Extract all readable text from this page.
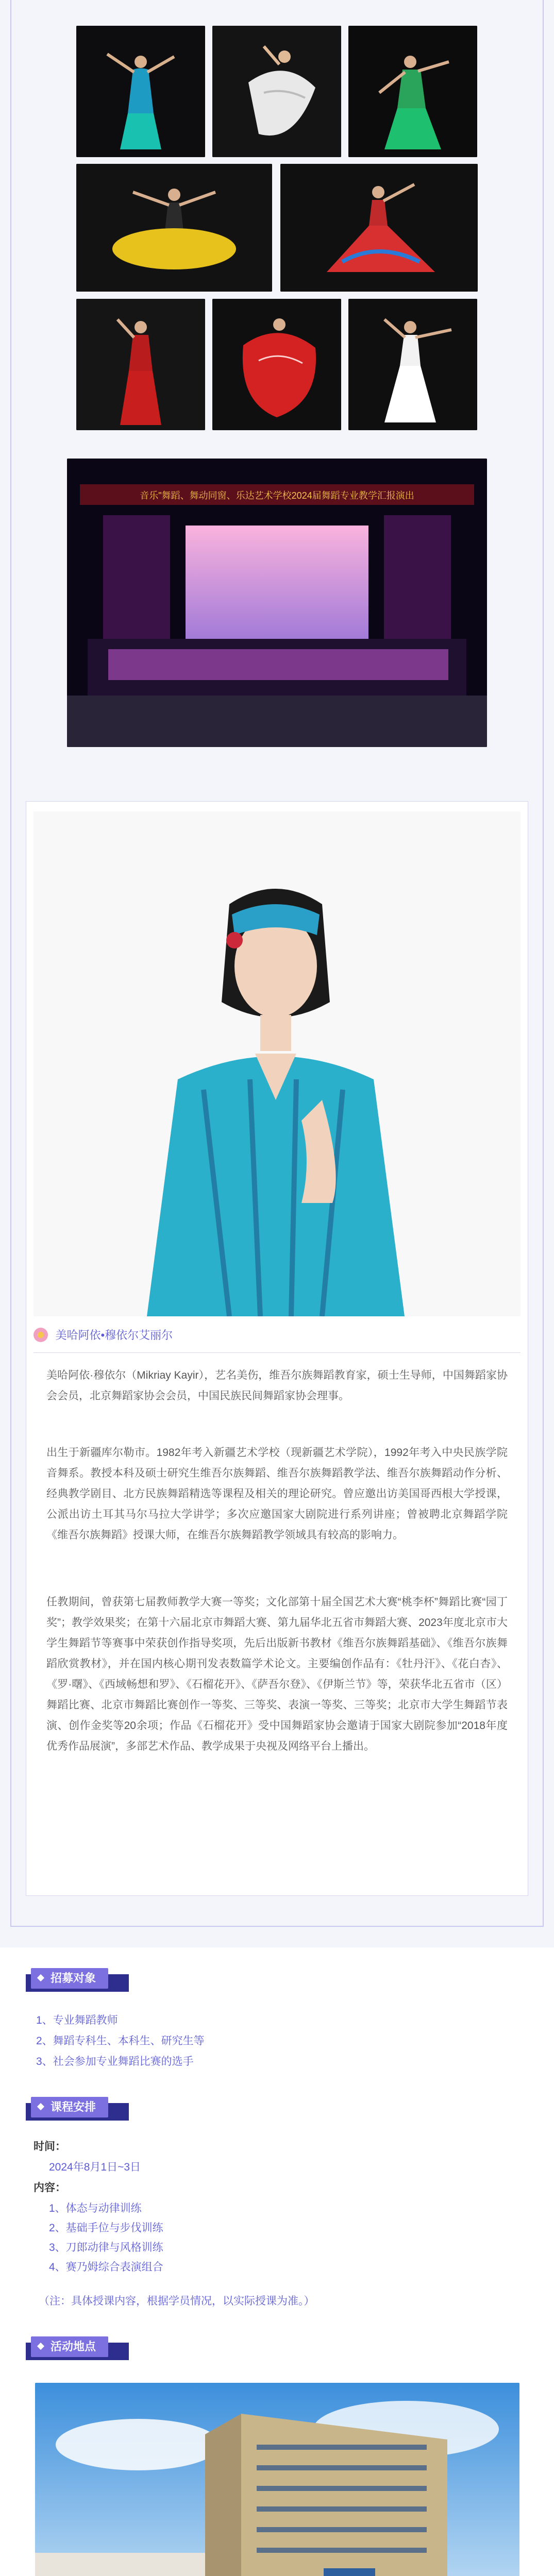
音乐"舞蹈、舞动同窗、乐达艺术学校2024届舞蹈专业教学汇报演出
美哈阿依•穆依尔艾丽尔
美哈阿依·穆依尔（Mikriay Kayir），艺名美伤，维吾尔族舞蹈教育家，硕士生导师，中国舞蹈家协会会员，北京舞蹈家协会会员，中国民族民间舞蹈家协会理事。
出生于新疆库尔勒市。1982年考入新疆艺术学校（现新疆艺术学院），1992年考入中央民族学院音舞系。教授本科及硕士研究生维吾尔族舞蹈、维吾尔族舞蹈教学法、维吾尔族舞蹈动作分析、经典教学剧目、北方民族舞蹈精选等课程及相关的理论研究。曾应邀出访美国哥西根大学授课，公派出访土耳其马尔马拉大学讲学；多次应邀国家大剧院进行系列讲座；曾被聘北京舞蹈学院《维吾尔族舞蹈》授课大师，在维吾尔族舞蹈教学领域具有较高的影响力。
任教期间，曾获第七届教师教学大赛一等奖；文化部第十届全国艺术大赛“桃李杯”舞蹈比赛“园丁奖”；教学效果奖；在第十六届北京市舞蹈大赛、第九届华北五省市舞蹈大赛、2023年度北京市大学生舞蹈节等赛事中荣获创作指导奖项，先后出版新书教材《维吾尔族舞蹈基础》、《维吾尔族舞蹈欣赏教材》，并在国内核心期刊发表数篇学术论文。主要编创作品有：《牡丹汗》、《花白杏》、《罗·曙》、《西域畅想和罗》、《石榴花开》、《萨吾尔登》、《伊斯兰节》等，荣获华北五省市（区）舞蹈比赛、北京市舞蹈比赛创作一等奖、三等奖、表演一等奖、三等奖；北京市大学生舞蹈节表演、创作金奖等20余项；作品《石榴花开》受中国舞蹈家协会邀请于国家大剧院参加“2018年度优秀作品展演”，多部艺术作品、教学成果于央视及网络平台上播出。
招募对象
1、专业舞蹈教师
2、舞蹈专科生、本科生、研究生等
3、社会参加专业舞蹈比赛的选手
课程安排
时间：
2024年8月1日~3日
内容：
1、体态与动律训练
2、基础手位与步伐训练
3、刀郎动律与风格训练
4、赛乃姆综合表演组合
（注：具体授课内容，根据学员情况，以实际授课为准。）
活动地点
